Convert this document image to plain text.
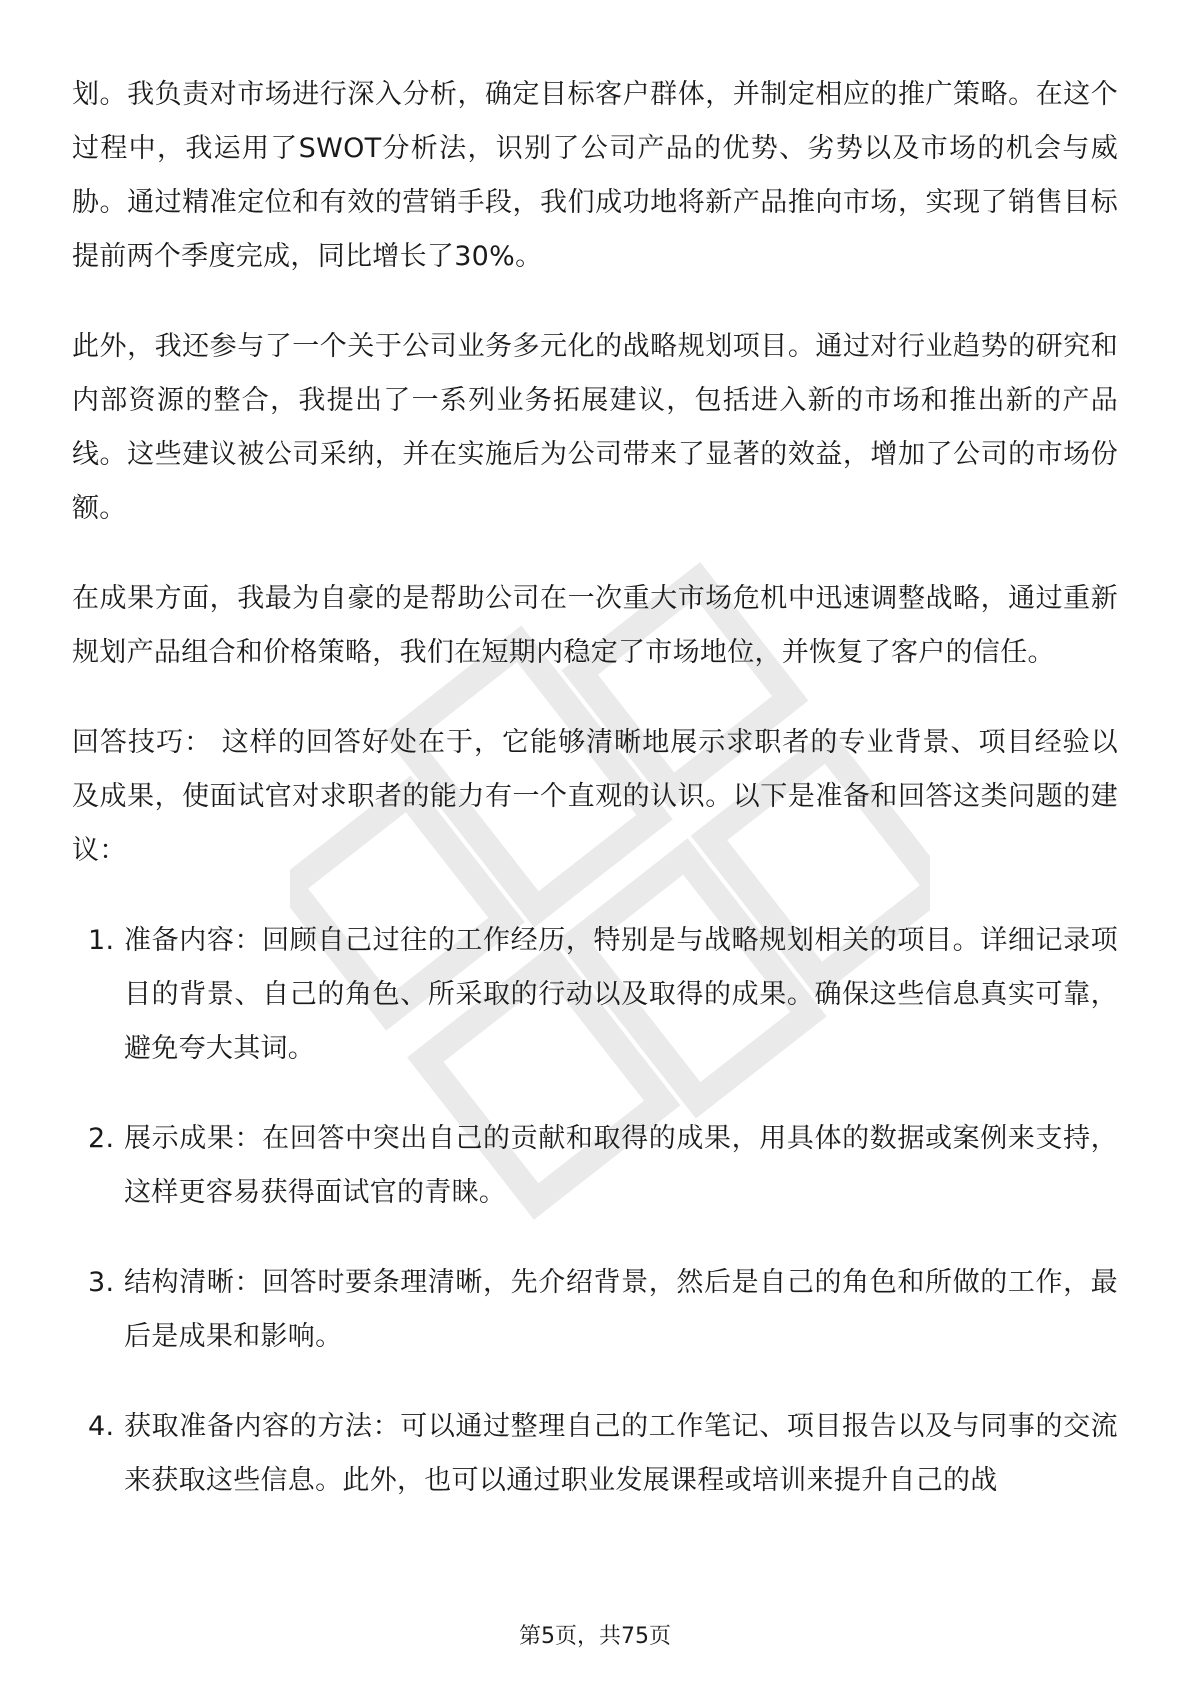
划。我负责对市场进行深入分析，确定目标客户群体，并制定相应的推广策略。在这个过程中，我运用了SWOT分析法，识别了公司产品的优势、劣势以及市场的机会与威胁。通过精准定位和有效的营销手段，我们成功地将新产品推向市场，实现了销售目标提前两个季度完成，同比增长了30%。

此外，我还参与了一个关于公司业务多元化的战略规划项目。通过对行业趋势的研究和内部资源的整合，我提出了一系列业务拓展建议，包括进入新的市场和推出新的产品线。这些建议被公司采纳，并在实施后为公司带来了显著的效益，增加了公司的市场份额。

在成果方面，我最为自豪的是帮助公司在一次重大市场危机中迅速调整战略，通过重新规划产品组合和价格策略，我们在短期内稳定了市场地位，并恢复了客户的信任。

回答技巧： 这样的回答好处在于，它能够清晰地展示求职者的专业背景、项目经验以及成果，使面试官对求职者的能力有一个直观的认识。以下是准备和回答这类问题的建议：

1. 准备内容：回顾自己过往的工作经历，特别是与战略规划相关的项目。详细记录项目的背景、自己的角色、所采取的行动以及取得的成果。确保这些信息真实可靠，避免夸大其词。
2. 展示成果：在回答中突出自己的贡献和取得的成果，用具体的数据或案例来支持，这样更容易获得面试官的青睐。
3. 结构清晰：回答时要条理清晰，先介绍背景，然后是自己的角色和所做的工作，最后是成果和影响。
4. 获取准备内容的方法：可以通过整理自己的工作笔记、项目报告以及与同事的交流来获取这些信息。此外，也可以通过职业发展课程或培训来提升自己的战
第5页，共75页
